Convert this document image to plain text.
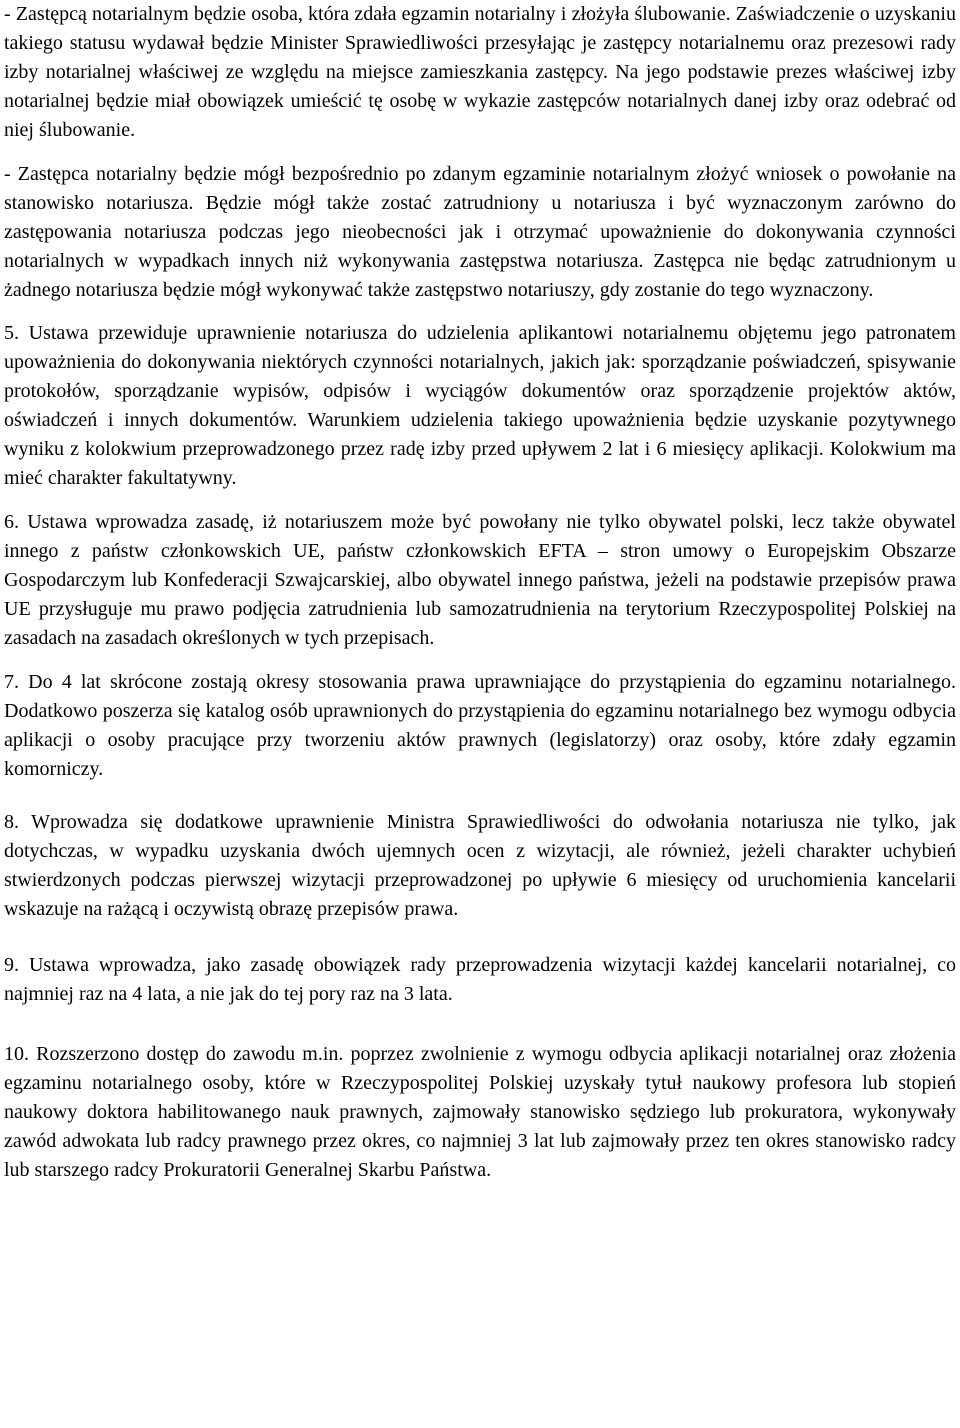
- Zastępcą notarialnym będzie osoba, która zdała egzamin notarialny i złożyła ślubowanie. Zaświadczenie o uzyskaniu takiego statusu wydawał będzie Minister Sprawiedliwości przesyłając je zastępcy notarialnemu oraz prezesowi rady izby notarialnej właściwej ze względu na miejsce zamieszkania zastępcy. Na jego podstawie prezes właściwej izby notarialnej będzie miał obowiązek umieścić tę osobę w wykazie zastępców notarialnych danej izby oraz odebrać od niej ślubowanie.

- Zastępca notarialny będzie mógł bezpośrednio po zdanym egzaminie notarialnym złożyć wniosek o powołanie na stanowisko notariusza. Będzie mógł także zostać zatrudniony u notariusza i być wyznaczonym zarówno do zastępowania notariusza podczas jego nieobecności jak i otrzymać upoważnienie do dokonywania czynności notarialnych w wypadkach innych niż wykonywania zastępstwa notariusza. Zastępca nie będąc zatrudnionym u żadnego notariusza będzie mógł wykonywać także zastępstwo notariuszy, gdy zostanie do tego wyznaczony.

5. Ustawa przewiduje uprawnienie notariusza do udzielenia aplikantowi notarialnemu objętemu jego patronatem upoważnienia do dokonywania niektórych czynności notarialnych, jakich jak: sporządzanie poświadczeń, spisywanie protokołów, sporządzanie wypisów, odpisów i wyciągów dokumentów oraz sporządzenie projektów aktów, oświadczeń i innych dokumentów. Warunkiem udzielenia takiego upoważnienia będzie uzyskanie pozytywnego wyniku z kolokwium przeprowadzonego przez radę izby przed upływem 2 lat i 6 miesięcy aplikacji. Kolokwium ma mieć charakter fakultatywny.

6. Ustawa wprowadza zasadę, iż notariuszem może być powołany nie tylko obywatel polski, lecz także obywatel innego z państw członkowskich UE, państw członkowskich EFTA – stron umowy o Europejskim Obszarze Gospodarczym lub Konfederacji Szwajcarskiej, albo obywatel innego państwa, jeżeli na podstawie przepisów prawa UE przysługuje mu prawo podjęcia zatrudnienia lub samozatrudnienia na terytorium Rzeczypospolitej Polskiej na zasadach na zasadach określonych w tych przepisach.

7. Do 4 lat skrócone zostają okresy stosowania prawa uprawniające do przystąpienia do egzaminu notarialnego. Dodatkowo poszerza się katalog osób uprawnionych do przystąpienia do egzaminu notarialnego bez wymogu odbycia aplikacji o osoby pracujące przy tworzeniu aktów prawnych (legislatorzy) oraz osoby, które zdały egzamin komorniczy.

8. Wprowadza się dodatkowe uprawnienie Ministra Sprawiedliwości do odwołania notariusza nie tylko, jak dotychczas, w wypadku uzyskania dwóch ujemnych ocen z wizytacji, ale również, jeżeli charakter uchybień stwierdzonych podczas pierwszej wizytacji przeprowadzonej po upływie 6 miesięcy od uruchomienia kancelarii wskazuje na rażącą i oczywistą obrazę przepisów prawa.

9. Ustawa wprowadza, jako zasadę obowiązek rady przeprowadzenia wizytacji każdej kancelarii notarialnej, co najmniej raz na 4 lata, a nie jak do tej pory raz na 3 lata.

10. Rozszerzono dostęp do zawodu m.in. poprzez zwolnienie z wymogu odbycia aplikacji notarialnej oraz złożenia egzaminu notarialnego osoby, które w Rzeczypospolitej Polskiej uzyskały tytuł naukowy profesora lub stopień naukowy doktora habilitowanego nauk prawnych, zajmowały stanowisko sędziego lub prokuratora, wykonywały zawód adwokata lub radcy prawnego przez okres, co najmniej 3 lat lub zajmowały przez ten okres stanowisko radcy lub starszego radcy Prokuratorii Generalnej Skarbu Państwa.
